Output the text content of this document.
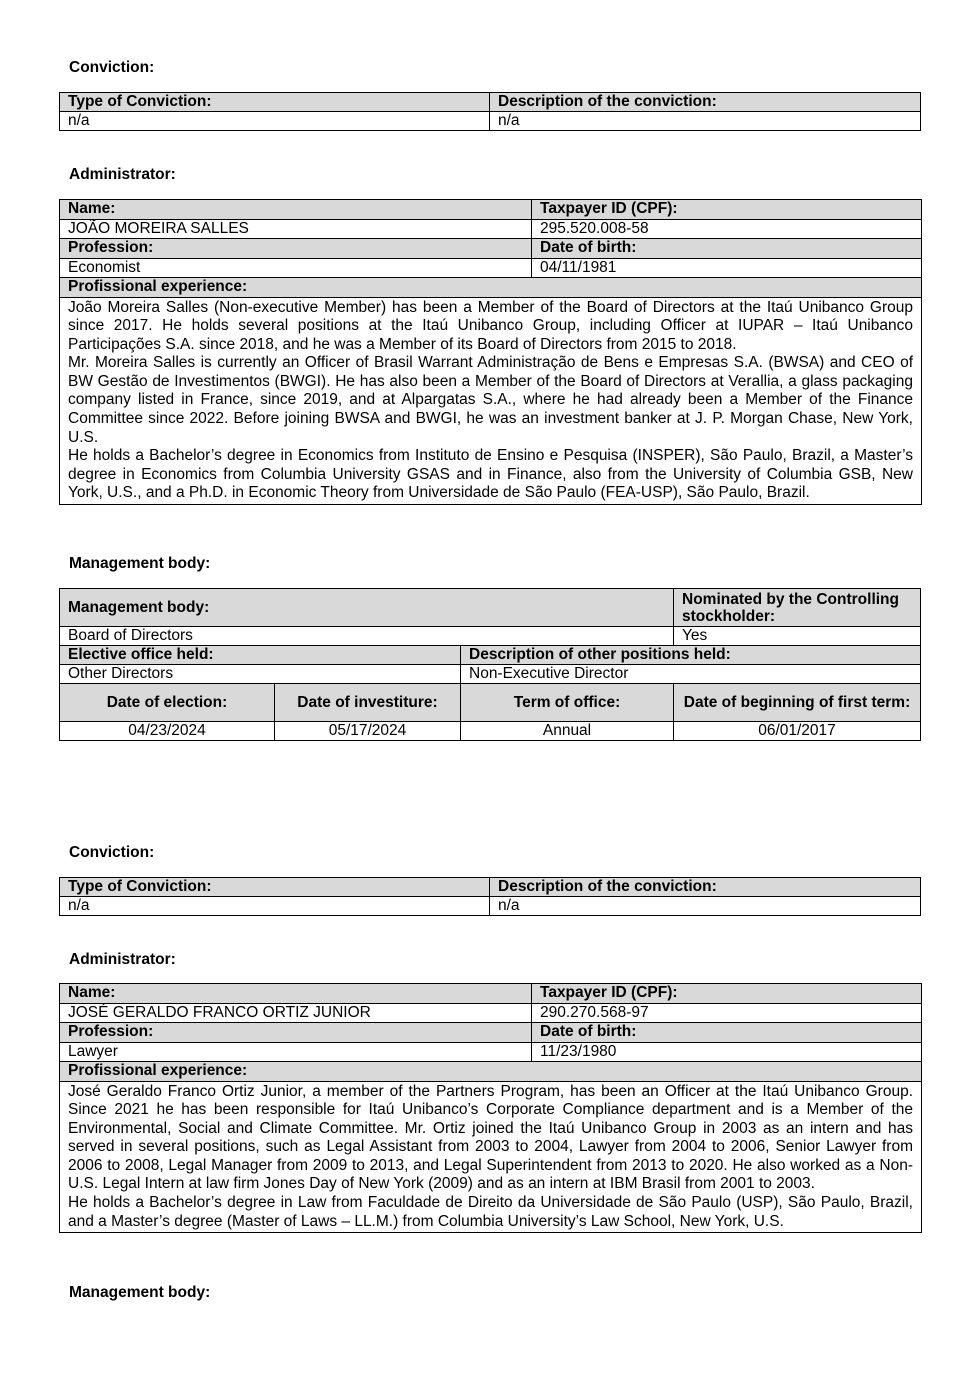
Conviction:
Type of Conviction:	Description of the conviction:
n/a	n/a
Administrator:
Name:	Taxpayer ID (CPF):
JOÃO MOREIRA SALLES	295.520.008-58
Profession:	Date of birth:
Economist	04/11/1981
Profissional experience:	

João Moreira Salles (Non-executive Member) has been a Member of the Board of Directors at the Itaú Unibanco Group since 2017. He holds several positions at the Itaú Unibanco Group, including Officer at IUPAR – Itaú Unibanco Participações S.A. since 2018, and he was a Member of its Board of Directors from 2015 to 2018.

Mr. Moreira Salles is currently an Officer of Brasil Warrant Administração de Bens e Empresas S.A. (BWSA) and CEO of BW Gestão de Investimentos (BWGI). He has also been a Member of the Board of Directors at Verallia, a glass packaging company listed in France, since 2019, and at Alpargatas S.A., where he had already been a Member of the Finance Committee since 2022. Before joining BWSA and BWGI, he was an investment banker at J. P. Morgan Chase, New York, U.S.

He holds a Bachelor’s degree in Economics from Instituto de Ensino e Pesquisa (INSPER), São Paulo, Brazil, a Master’s degree in Economics from Columbia University GSAS and in Finance, also from the University of Columbia GSB, New York, U.S., and a Ph.D. in Economic Theory from Universidade de São Paulo (FEA-USP), São Paulo, Brazil.	

Management body:
Management body:			Nominated by the Controlling stockholder:
Board of Directors			Yes
Elective office held:		Description of other positions held:	
Other Directors		Non-Executive Director	
Date of election:	Date of investiture:	Term of office:	Date of beginning of first term:
04/23/2024	05/17/2024	Annual	06/01/2017
Conviction:
Type of Conviction:	Description of the conviction:
n/a	n/a
Administrator:
Name:	Taxpayer ID (CPF):
JOSÉ GERALDO FRANCO ORTIZ JUNIOR	290.270.568-97
Profession:	Date of birth:
Lawyer	11/23/1980
Profissional experience:	

José Geraldo Franco Ortiz Junior, a member of the Partners Program, has been an Officer at the Itaú Unibanco Group. Since 2021 he has been responsible for Itaú Unibanco’s Corporate Compliance department and is a Member of the Environmental, Social and Climate Committee. Mr. Ortiz joined the Itaú Unibanco Group in 2003 as an intern and has served in several positions, such as Legal Assistant from 2003 to 2004, Lawyer from 2004 to 2006, Senior Lawyer from 2006 to 2008, Legal Manager from 2009 to 2013, and Legal Superintendent from 2013 to 2020. He also worked as a Non-U.S. Legal Intern at law firm Jones Day of New York (2009) and as an intern at IBM Brasil from 2001 to 2003.

He holds a Bachelor’s degree in Law from Faculdade de Direito da Universidade de São Paulo (USP), São Paulo, Brazil, and a Master’s degree (Master of Laws – LL.M.) from Columbia University’s Law School, New York, U.S.	

Management body:
